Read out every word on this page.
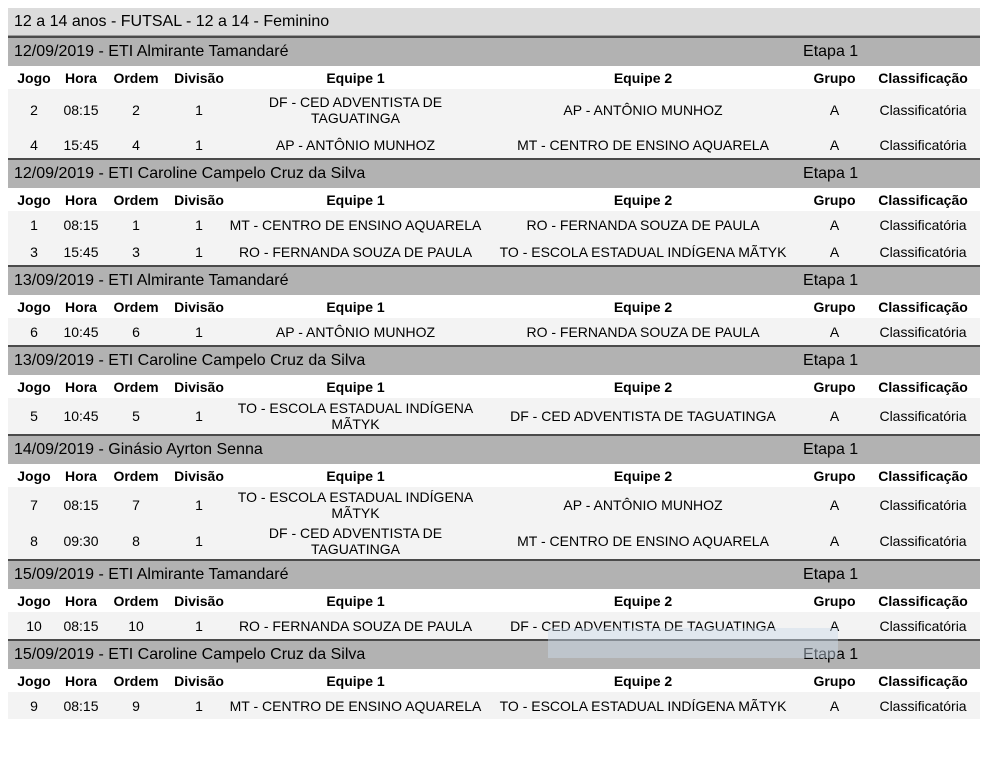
12 a 14 anos - FUTSAL - 12 a 14 - Feminino
12/09/2019 - ETI Almirante Tamandaré						Etapa 1	
Jogo	Hora	Ordem	Divisão	Equipe 1	Equipe 2	Grupo	Classificação
2	08:15	2	1	DF - CED ADVENTISTA DE TAGUATINGA	AP - ANTÔNIO MUNHOZ	A	Classificatória
4	15:45	4	1	AP - ANTÔNIO MUNHOZ	MT - CENTRO DE ENSINO AQUARELA	A	Classificatória
12/09/2019 - ETI Caroline Campelo Cruz da Silva						Etapa 1	
Jogo	Hora	Ordem	Divisão	Equipe 1	Equipe 2	Grupo	Classificação
1	08:15	1	1	MT - CENTRO DE ENSINO AQUARELA	RO - FERNANDA SOUZA DE PAULA	A	Classificatória
3	15:45	3	1	RO - FERNANDA SOUZA DE PAULA	TO - ESCOLA ESTADUAL INDÍGENA MÃTYK	A	Classificatória
13/09/2019 - ETI Almirante Tamandaré						Etapa 1	
Jogo	Hora	Ordem	Divisão	Equipe 1	Equipe 2	Grupo	Classificação
6	10:45	6	1	AP - ANTÔNIO MUNHOZ	RO - FERNANDA SOUZA DE PAULA	A	Classificatória
13/09/2019 - ETI Caroline Campelo Cruz da Silva						Etapa 1	
Jogo	Hora	Ordem	Divisão	Equipe 1	Equipe 2	Grupo	Classificação
5	10:45	5	1	TO - ESCOLA ESTADUAL INDÍGENA MÃTYK	DF - CED ADVENTISTA DE TAGUATINGA	A	Classificatória
14/09/2019 - Ginásio Ayrton Senna						Etapa 1	
Jogo	Hora	Ordem	Divisão	Equipe 1	Equipe 2	Grupo	Classificação
7	08:15	7	1	TO - ESCOLA ESTADUAL INDÍGENA MÃTYK	AP - ANTÔNIO MUNHOZ	A	Classificatória
8	09:30	8	1	DF - CED ADVENTISTA DE TAGUATINGA	MT - CENTRO DE ENSINO AQUARELA	A	Classificatória
15/09/2019 - ETI Almirante Tamandaré						Etapa 1	
Jogo	Hora	Ordem	Divisão	Equipe 1	Equipe 2	Grupo	Classificação
10	08:15	10	1	RO - FERNANDA SOUZA DE PAULA	DF - CED ADVENTISTA DE TAGUATINGA	A	Classificatória
15/09/2019 - ETI Caroline Campelo Cruz da Silva						Etapa 1	
Jogo	Hora	Ordem	Divisão	Equipe 1	Equipe 2	Grupo	Classificação
9	08:15	9	1	MT - CENTRO DE ENSINO AQUARELA	TO - ESCOLA ESTADUAL INDÍGENA MÃTYK	A	Classificatória
